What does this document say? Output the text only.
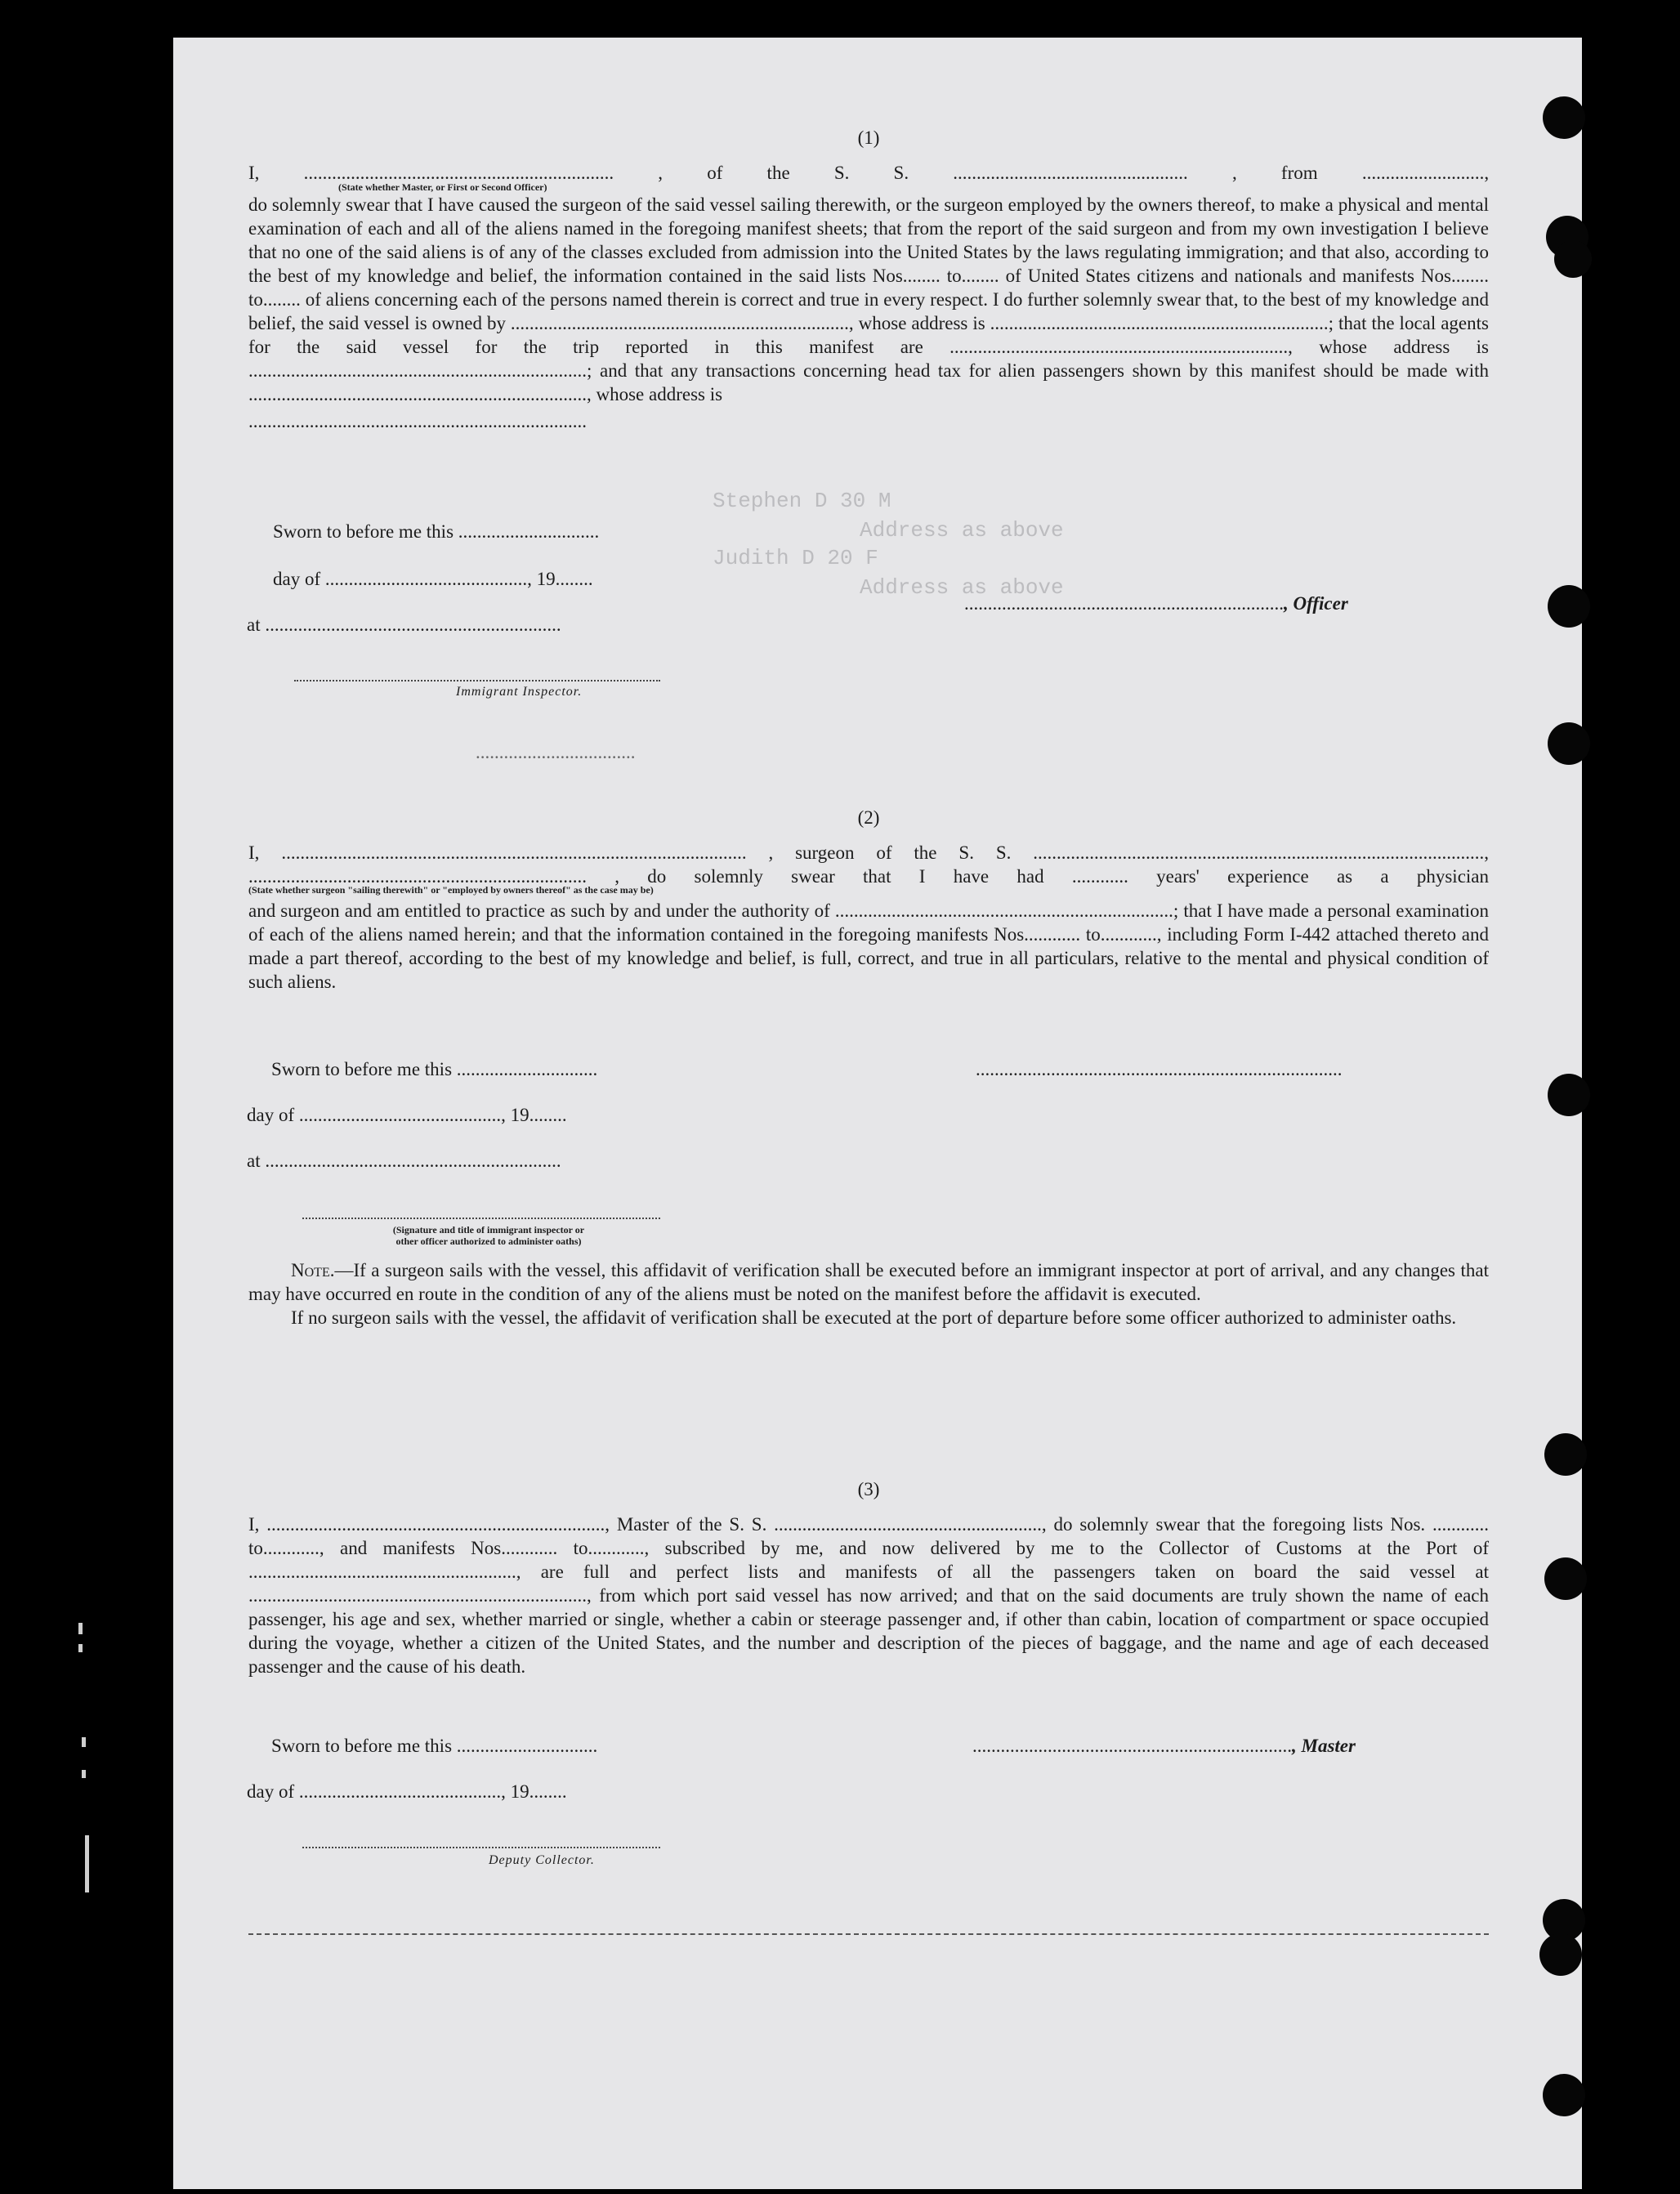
Stephen D 30 M
Address as above
Judith D 20 F
Address as above
(1)
I, .................................................................. , of the S. S. .................................................. , from ..........................,
(State whether Master, or First or Second Officer)
do solemnly swear that I have caused the surgeon of the said vessel sailing therewith, or the surgeon employed by the owners thereof, to make a physical and mental examination of each and all of the aliens named in the foregoing manifest sheets; that from the report of the said surgeon and from my own investigation I believe that no one of the said aliens is of any of the classes excluded from admission into the United States by the laws regulating immigration; and that also, according to the best of my knowledge and belief, the information contained in the said lists Nos........ to........ of United States citizens and nationals and manifests Nos........ to........ of aliens concerning each of the persons named therein is correct and true in every respect. I do further solemnly swear that, to the best of my knowledge and belief, the said vessel is owned by ........................................................................, whose address is ........................................................................; that the local agents for the said vessel for the trip reported in this manifest are ........................................................................, whose address is ........................................................................; and that any transactions concerning head tax for alien passengers shown by this manifest should be made with ........................................................................, whose address is
........................................................................
Sworn to before me this ..............................
day of ..........................................., 19........
at ...............................................................
...................................................................., Officer
Immigrant Inspector.
..................................
(2)
I, ................................................................................................... , surgeon of the S. S. ................................................................................................,
........................................................................ , do solemnly swear that I have had ............ years' experience as a physician
(State whether surgeon "sailing therewith" or "employed by owners thereof" as the case may be)
and surgeon and am entitled to practice as such by and under the authority of ........................................................................; that I have made a personal examination of each of the aliens named herein; and that the information contained in the foregoing manifests Nos............ to............, including Form I-442 attached thereto and made a part thereof, according to the best of my knowledge and belief, is full, correct, and true in all particulars, relative to the mental and physical condition of such aliens.
Sworn to before me this ..............................	..............................................................................
day of ..........................................., 19........
at ...............................................................
(Signature and title of immigrant inspector or
other officer authorized to administer oaths)
Note.—If a surgeon sails with the vessel, this affidavit of verification shall be executed before an immigrant inspector at port of arrival, and any changes that may have occurred en route in the condition of any of the aliens must be noted on the manifest before the affidavit is executed.
If no surgeon sails with the vessel, the affidavit of verification shall be executed at the port of departure before some officer authorized to administer oaths.
(3)
I, ........................................................................, Master of the S. S. ........................................................., do solemnly swear that the foregoing lists Nos. ............ to............, and manifests Nos............ to............, subscribed by me, and now delivered by me to the Collector of Customs at the Port of ........................................................., are full and perfect lists and manifests of all the passengers taken on board the said vessel at ........................................................................, from which port said vessel has now arrived; and that on the said documents are truly shown the name of each passenger, his age and sex, whether married or single, whether a cabin or steerage passenger and, if other than cabin, location of compartment or space occupied during the voyage, whether a citizen of the United States, and the number and description of the pieces of baggage, and the name and age of each deceased passenger and the cause of his death.
Sworn to before me this ..............................	...................................................................., Master
day of ..........................................., 19........
Deputy Collector.
